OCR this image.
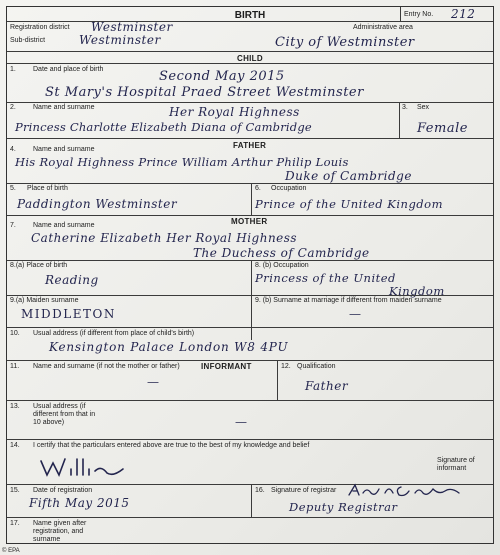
BIRTH	Entry No. 212
Registration district Westminster
Sub-district	Westminster
Administrative area
City of Westminster
CHILD
1. Date and place of birth	Second May 2015
St Mary's Hospital Praed Street Westminster
2. Name and surname	Her Royal Highness
Princess Charlotte Elizabeth Diana of Cambridge
3. Sex
Female
FATHER
4. Name and surname
His Royal Highness Prince William Arthur Philip Louis
Duke of Cambridge
5. Place of birth
Paddington Westminster
6. Occupation
Prince of the United Kingdom
MOTHER
7. Name and surname
Catherine Elizabeth Her Royal Highness
The Duchess of Cambridge
8.(a) Place of birth
Reading
8. (b) Occupation
Princess of the United
Kingdom
9.(a) Maiden surname
MIDDLETON
9. (b) Surname at marriage if different from maiden surname
—
10. Usual address (if different from place of child's birth)
Kensington Palace London W8 4PU
11. Name and surname (if not the mother or father)	INFORMANT
—
12. Qualification
Father
13. Usual address (if different from that in 10 above)	—
14. I certify that the particulars entered above are true to the best of my knowledge and belief
Signature of informant
15. Date of registration
Fifth May 2015
16. Signature of registrar
Deputy Registrar
17. Name given after registration, and surname
© EPA
